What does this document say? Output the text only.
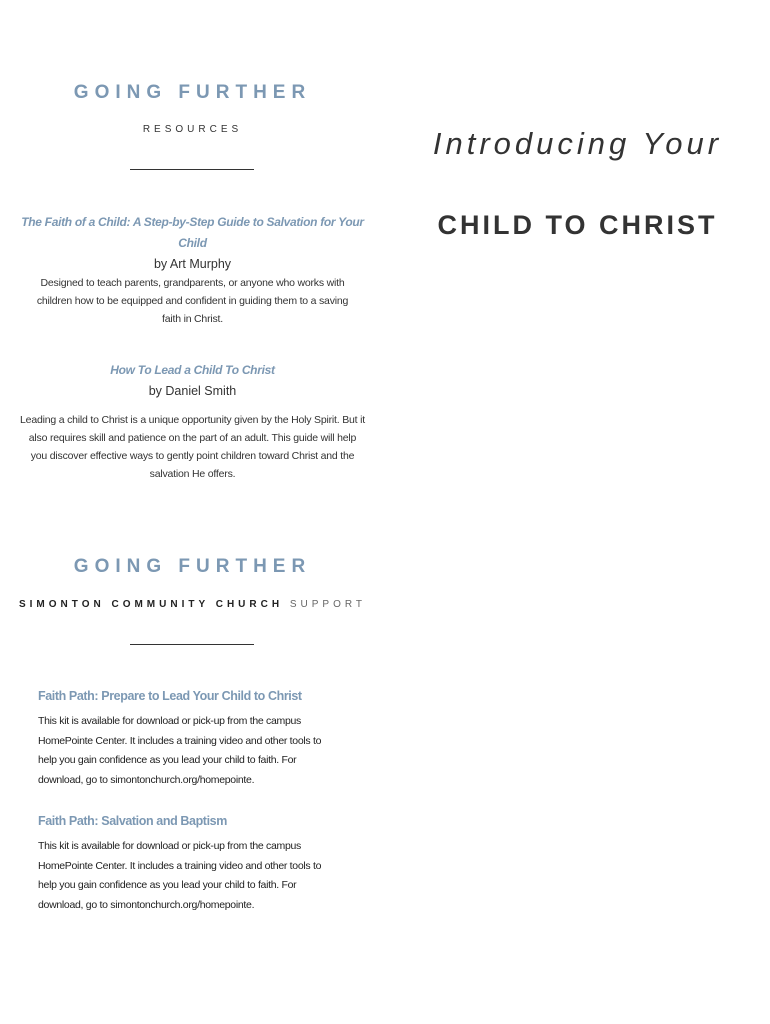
GOING FURTHER
RESOURCES
The Faith of a Child: A Step-by-Step Guide to Salvation for Your Child
by Art Murphy
Designed to teach parents, grandparents, or anyone who works with children how to be equipped and confident in guiding them to a saving faith in Christ.
How To Lead a Child To Christ
by Daniel Smith
Leading a child to Christ is a unique opportunity given by the Holy Spirit. But it also requires skill and patience on the part of an adult. This guide will help you discover effective ways to gently point children toward Christ and the salvation He offers.
GOING FURTHER
SIMONTON COMMUNITY CHURCH SUPPORT
Faith Path: Prepare to Lead Your Child to Christ
This kit is available for download or pick-up from the campus HomePointe Center. It includes a training video and other tools to help you gain confidence as you lead your child to faith. For download, go to simontonchurch.org/homepointe.
Faith Path: Salvation and Baptism
This kit is available for download or pick-up from the campus HomePointe Center. It includes a training video and other tools to help you gain confidence as you lead your child to faith. For download, go to simontonchurch.org/homepointe.
Introducing Your
CHILD TO CHRIST
